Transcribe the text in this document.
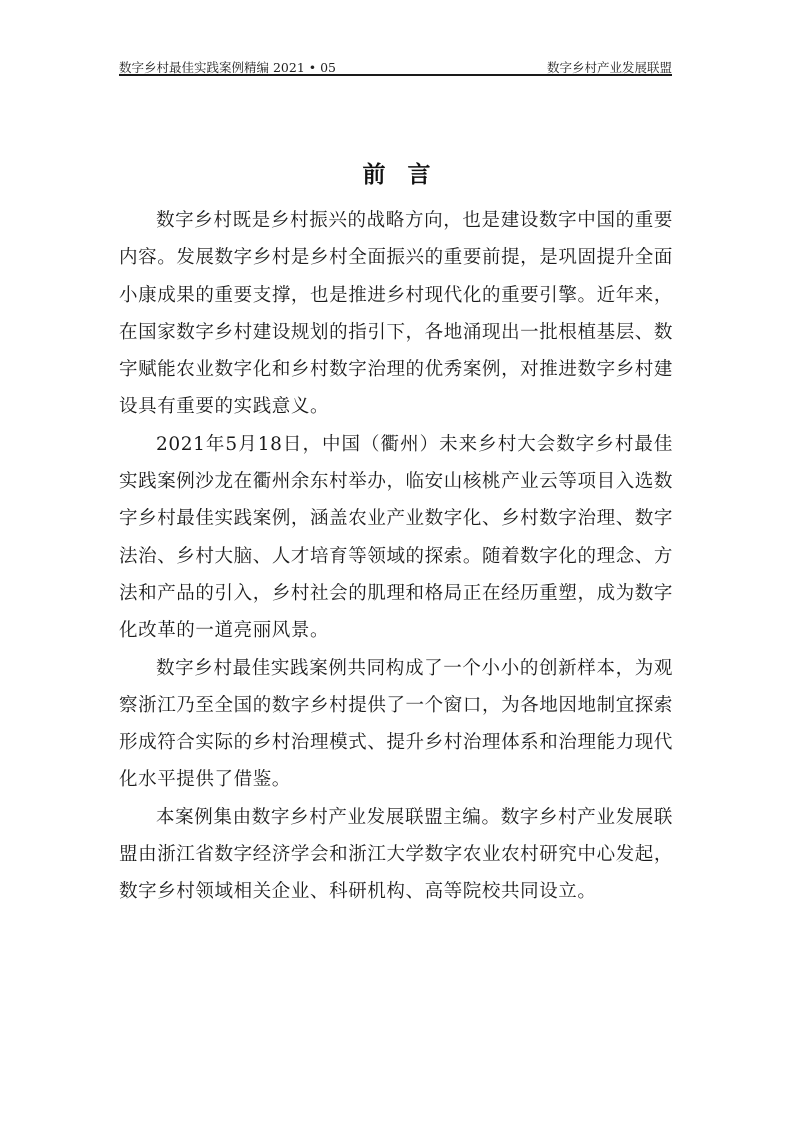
数字乡村最佳实践案例精编 2021 • 05	数字乡村产业发展联盟
前言

数字乡村既是乡村振兴的战略方向，也是建设数字中国的重要内容。发展数字乡村是乡村全面振兴的重要前提，是巩固提升全面小康成果的重要支撑，也是推进乡村现代化的重要引擎。近年来，在国家数字乡村建设规划的指引下，各地涌现出一批根植基层、数字赋能农业数字化和乡村数字治理的优秀案例，对推进数字乡村建设具有重要的实践意义。

2021年5月18日，中国（衢州）未来乡村大会数字乡村最佳实践案例沙龙在衢州余东村举办，临安山核桃产业云等项目入选数字乡村最佳实践案例，涵盖农业产业数字化、乡村数字治理、数字法治、乡村大脑、人才培育等领域的探索。随着数字化的理念、方法和产品的引入，乡村社会的肌理和格局正在经历重塑，成为数字化改革的一道亮丽风景。

数字乡村最佳实践案例共同构成了一个小小的创新样本，为观察浙江乃至全国的数字乡村提供了一个窗口，为各地因地制宜探索形成符合实际的乡村治理模式、提升乡村治理体系和治理能力现代化水平提供了借鉴。

本案例集由数字乡村产业发展联盟主编。数字乡村产业发展联盟由浙江省数字经济学会和浙江大学数字农业农村研究中心发起，数字乡村领域相关企业、科研机构、高等院校共同设立。
